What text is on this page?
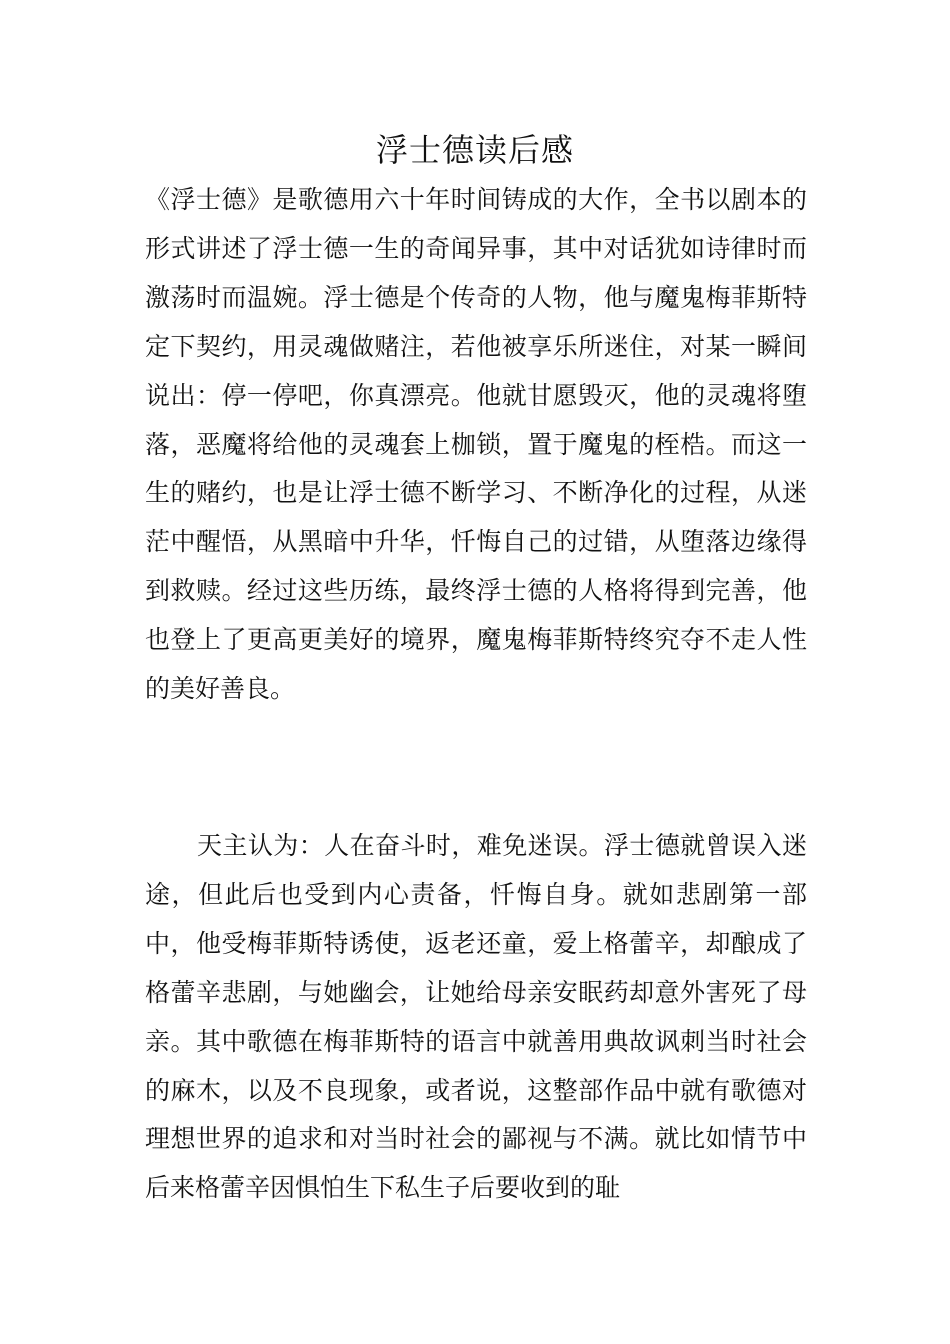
浮士德读后感

《浮士德》是歌德用六十年时间铸成的大作，全书以剧本的形式讲述了浮士德一生的奇闻异事，其中对话犹如诗律时而激荡时而温婉。浮士德是个传奇的人物，他与魔鬼梅菲斯特定下契约，用灵魂做赌注，若他被享乐所迷住，对某一瞬间说出：停一停吧，你真漂亮。他就甘愿毁灭，他的灵魂将堕落，恶魔将给他的灵魂套上枷锁，置于魔鬼的桎梏。而这一生的赌约，也是让浮士德不断学习、不断净化的过程，从迷茫中醒悟，从黑暗中升华，忏悔自己的过错，从堕落边缘得到救赎。经过这些历练，最终浮士德的人格将得到完善，他也登上了更高更美好的境界，魔鬼梅菲斯特终究夺不走人性的美好善良。

天主认为：人在奋斗时，难免迷误。浮士德就曾误入迷途，但此后也受到内心责备，忏悔自身。就如悲剧第一部中，他受梅菲斯特诱使，返老还童，爱上格蕾辛，却酿成了格蕾辛悲剧，与她幽会，让她给母亲安眠药却意外害死了母亲。其中歌德在梅菲斯特的语言中就善用典故讽刺当时社会的麻木，以及不良现象，或者说，这整部作品中就有歌德对理想世界的追求和对当时社会的鄙视与不满。就比如情节中后来格蕾辛因惧怕生下私生子后要收到的耻
